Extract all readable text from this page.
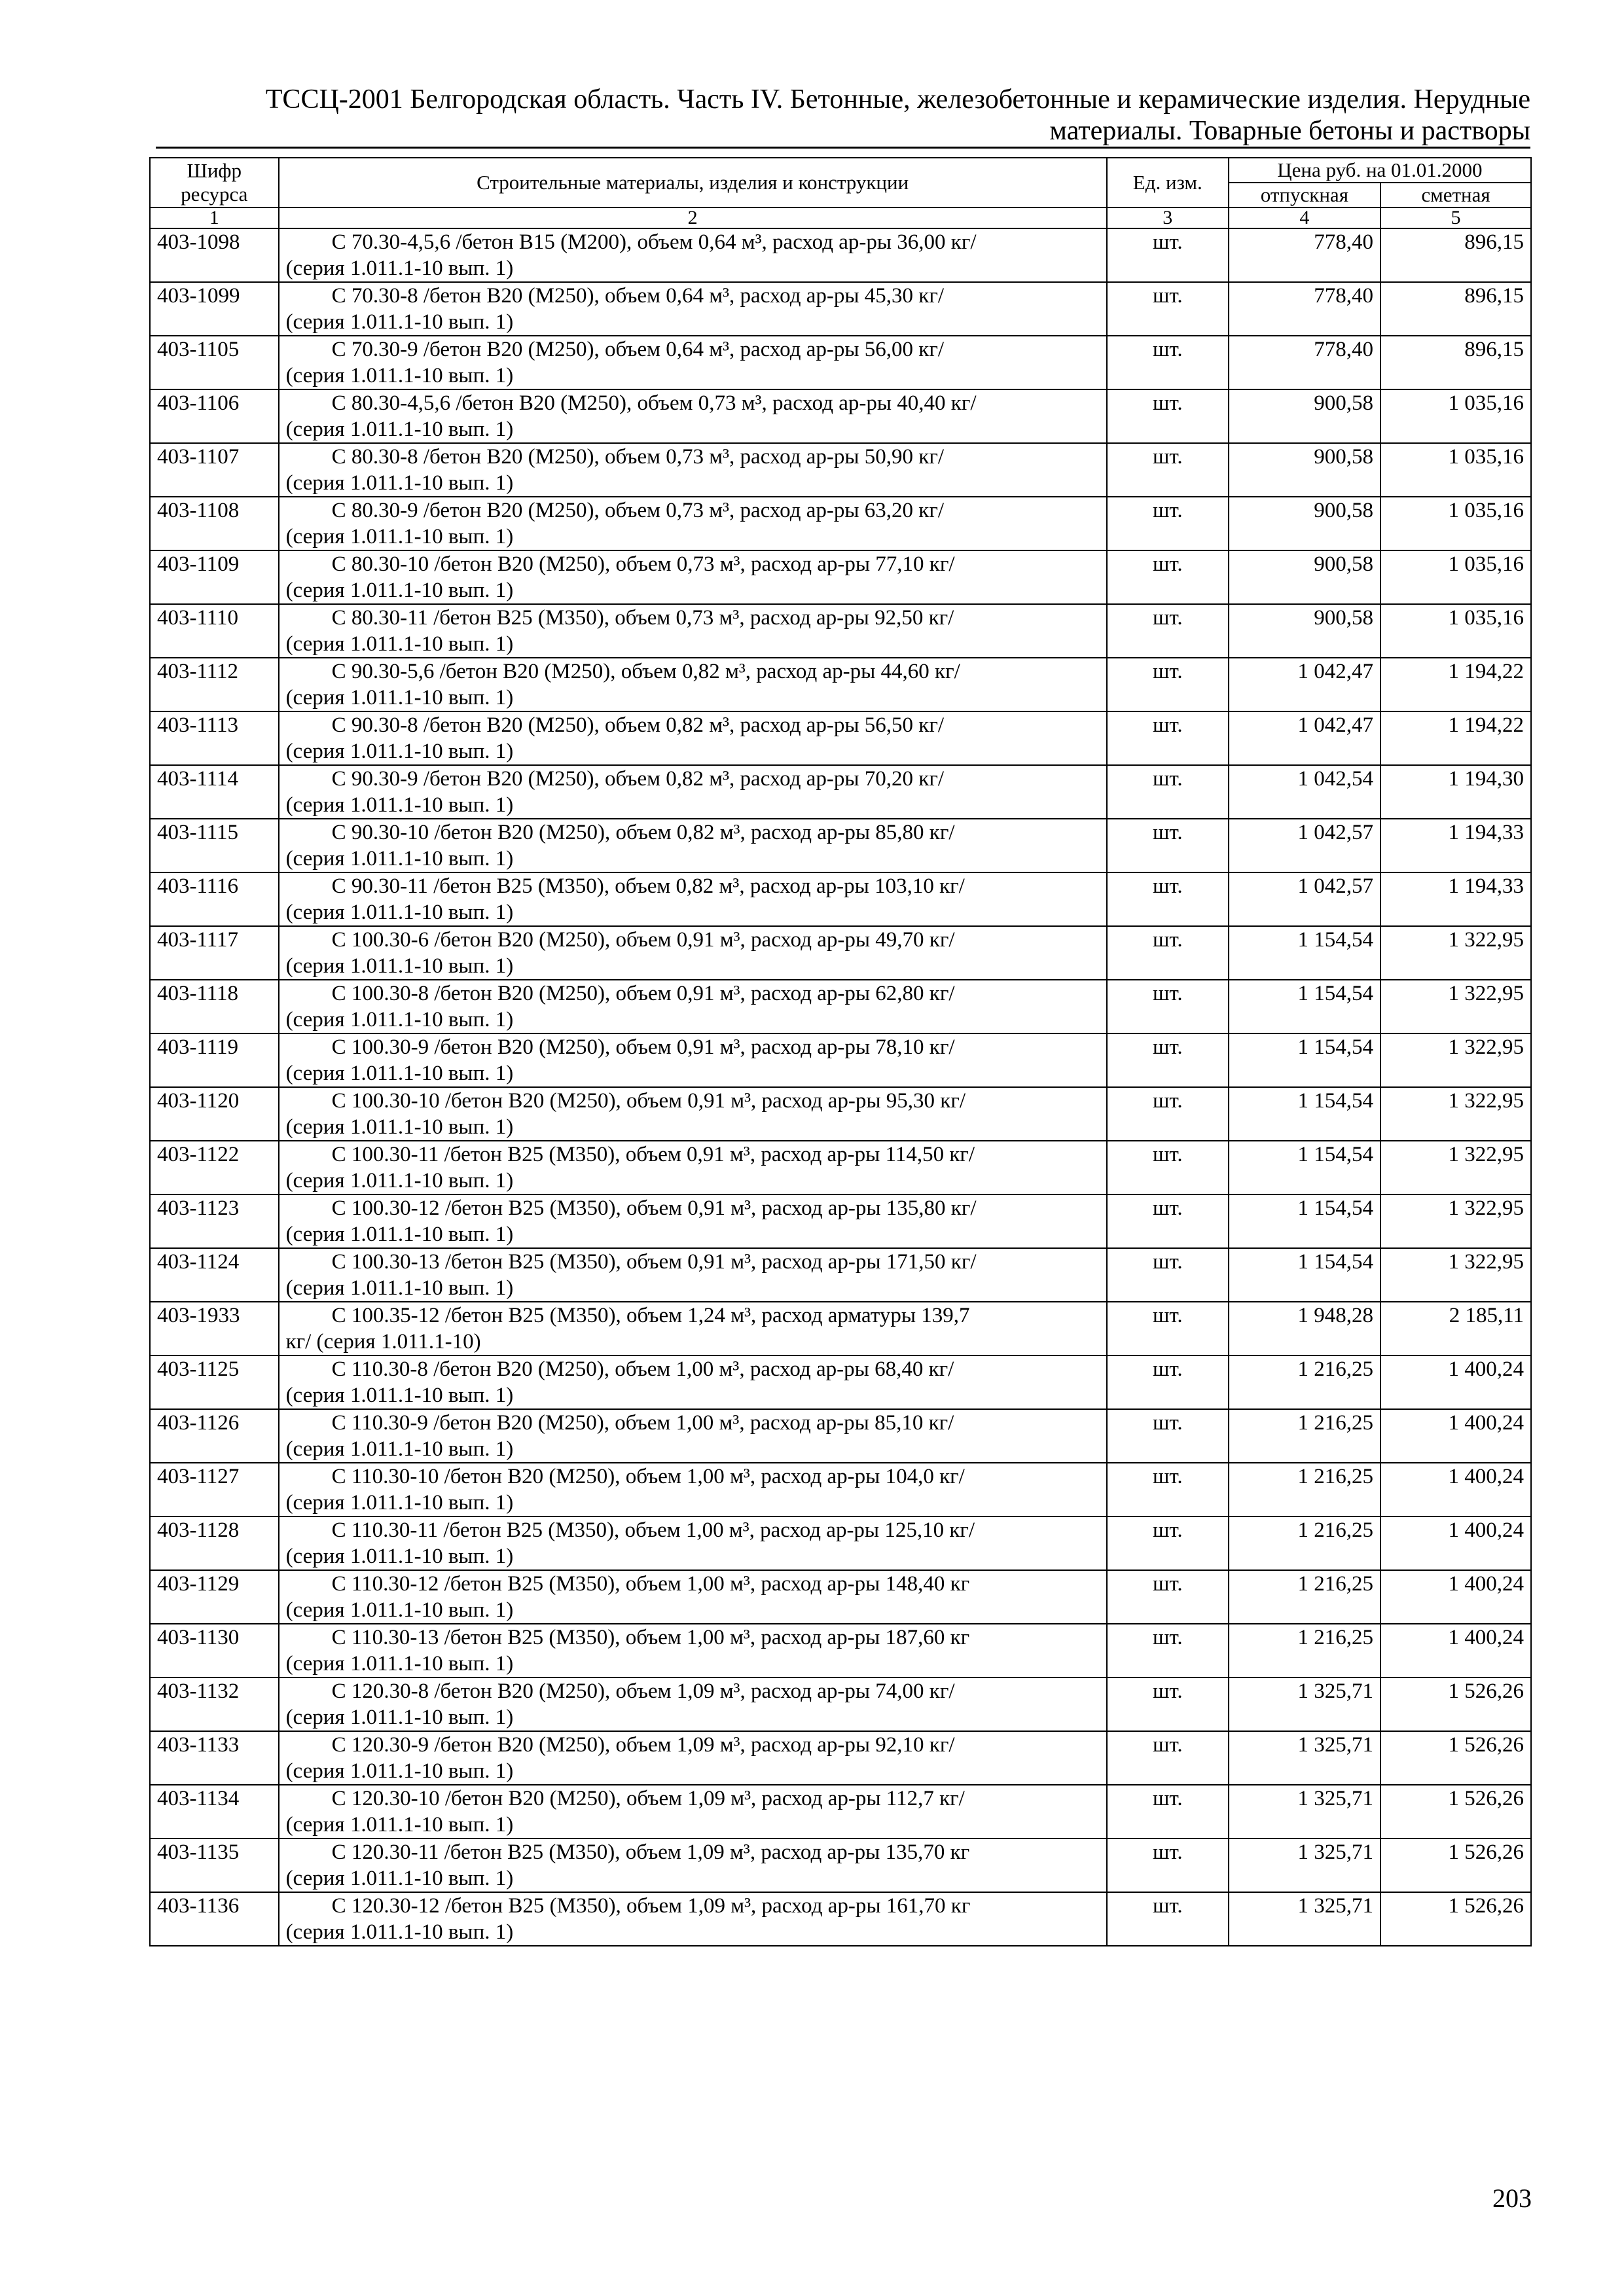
ТССЦ-2001 Белгородская область. Часть IV. Бетонные, железобетонные и керамические изделия. Нерудные
материалы. Товарные бетоны и растворы
Шифр ресурса	Строительные материалы, изделия и конструкции	Ед. изм.	Цена руб. на 01.01.2000	
			отпускная	сметная
1	2	3	4	5
403-1098	С 70.30-4,5,6 /бетон В15 (М200), объем 0,64 м³, расход ар-ры 36,00 кг/
(серия 1.011.1-10 вып. 1)	шт.	778,40	896,15
403-1099	С 70.30-8 /бетон В20 (М250), объем 0,64 м³, расход ар-ры 45,30 кг/
(серия 1.011.1-10 вып. 1)	шт.	778,40	896,15
403-1105	С 70.30-9 /бетон В20 (М250), объем 0,64 м³, расход ар-ры 56,00 кг/
(серия 1.011.1-10 вып. 1)	шт.	778,40	896,15
403-1106	С 80.30-4,5,6 /бетон В20 (М250), объем 0,73 м³, расход ар-ры 40,40 кг/
(серия 1.011.1-10 вып. 1)	шт.	900,58	1 035,16
403-1107	С 80.30-8 /бетон В20 (М250), объем 0,73 м³, расход ар-ры 50,90 кг/
(серия 1.011.1-10 вып. 1)	шт.	900,58	1 035,16
403-1108	С 80.30-9 /бетон В20 (М250), объем 0,73 м³, расход ар-ры 63,20 кг/
(серия 1.011.1-10 вып. 1)	шт.	900,58	1 035,16
403-1109	С 80.30-10 /бетон В20 (М250), объем 0,73 м³, расход ар-ры 77,10 кг/
(серия 1.011.1-10 вып. 1)	шт.	900,58	1 035,16
403-1110	С 80.30-11 /бетон В25 (М350), объем 0,73 м³, расход ар-ры 92,50 кг/
(серия 1.011.1-10 вып. 1)	шт.	900,58	1 035,16
403-1112	С 90.30-5,6 /бетон В20 (М250), объем 0,82 м³, расход ар-ры 44,60 кг/
(серия 1.011.1-10 вып. 1)	шт.	1 042,47	1 194,22
403-1113	С 90.30-8 /бетон В20 (М250), объем 0,82 м³, расход ар-ры 56,50 кг/
(серия 1.011.1-10 вып. 1)	шт.	1 042,47	1 194,22
403-1114	С 90.30-9 /бетон В20 (М250), объем 0,82 м³, расход ар-ры 70,20 кг/
(серия 1.011.1-10 вып. 1)	шт.	1 042,54	1 194,30
403-1115	С 90.30-10 /бетон В20 (М250), объем 0,82 м³, расход ар-ры 85,80 кг/
(серия 1.011.1-10 вып. 1)	шт.	1 042,57	1 194,33
403-1116	С 90.30-11 /бетон В25 (М350), объем 0,82 м³, расход ар-ры 103,10 кг/
(серия 1.011.1-10 вып. 1)	шт.	1 042,57	1 194,33
403-1117	С 100.30-6 /бетон В20 (М250), объем 0,91 м³, расход ар-ры 49,70 кг/
(серия 1.011.1-10 вып. 1)	шт.	1 154,54	1 322,95
403-1118	С 100.30-8 /бетон В20 (М250), объем 0,91 м³, расход ар-ры 62,80 кг/
(серия 1.011.1-10 вып. 1)	шт.	1 154,54	1 322,95
403-1119	С 100.30-9 /бетон В20 (М250), объем 0,91 м³, расход ар-ры 78,10 кг/
(серия 1.011.1-10 вып. 1)	шт.	1 154,54	1 322,95
403-1120	С 100.30-10 /бетон В20 (М250), объем 0,91 м³, расход ар-ры 95,30 кг/
(серия 1.011.1-10 вып. 1)	шт.	1 154,54	1 322,95
403-1122	С 100.30-11 /бетон В25 (М350), объем 0,91 м³, расход ар-ры 114,50 кг/
(серия 1.011.1-10 вып. 1)	шт.	1 154,54	1 322,95
403-1123	С 100.30-12 /бетон В25 (М350), объем 0,91 м³, расход ар-ры 135,80 кг/
(серия 1.011.1-10 вып. 1)	шт.	1 154,54	1 322,95
403-1124	С 100.30-13 /бетон В25 (М350), объем 0,91 м³, расход ар-ры 171,50 кг/
(серия 1.011.1-10 вып. 1)	шт.	1 154,54	1 322,95
403-1933	С 100.35-12 /бетон В25 (М350), объем 1,24 м³, расход арматуры 139,7
кг/ (серия 1.011.1-10)	шт.	1 948,28	2 185,11
403-1125	С 110.30-8 /бетон В20 (М250), объем 1,00 м³, расход ар-ры 68,40 кг/
(серия 1.011.1-10 вып. 1)	шт.	1 216,25	1 400,24
403-1126	С 110.30-9 /бетон В20 (М250), объем 1,00 м³, расход ар-ры 85,10 кг/
(серия 1.011.1-10 вып. 1)	шт.	1 216,25	1 400,24
403-1127	С 110.30-10 /бетон В20 (М250), объем 1,00 м³, расход ар-ры 104,0 кг/
(серия 1.011.1-10 вып. 1)	шт.	1 216,25	1 400,24
403-1128	С 110.30-11 /бетон В25 (М350), объем 1,00 м³, расход ар-ры 125,10 кг/
(серия 1.011.1-10 вып. 1)	шт.	1 216,25	1 400,24
403-1129	С 110.30-12 /бетон В25 (М350), объем 1,00 м³, расход ар-ры 148,40 кг
(серия 1.011.1-10 вып. 1)	шт.	1 216,25	1 400,24
403-1130	С 110.30-13 /бетон В25 (М350), объем 1,00 м³, расход ар-ры 187,60 кг
(серия 1.011.1-10 вып. 1)	шт.	1 216,25	1 400,24
403-1132	С 120.30-8 /бетон В20 (М250), объем 1,09 м³, расход ар-ры 74,00 кг/
(серия 1.011.1-10 вып. 1)	шт.	1 325,71	1 526,26
403-1133	С 120.30-9 /бетон В20 (М250), объем 1,09 м³, расход ар-ры 92,10 кг/
(серия 1.011.1-10 вып. 1)	шт.	1 325,71	1 526,26
403-1134	С 120.30-10 /бетон В20 (М250), объем 1,09 м³, расход ар-ры 112,7 кг/
(серия 1.011.1-10 вып. 1)	шт.	1 325,71	1 526,26
403-1135	С 120.30-11 /бетон В25 (М350), объем 1,09 м³, расход ар-ры 135,70 кг
(серия 1.011.1-10 вып. 1)	шт.	1 325,71	1 526,26
403-1136	С 120.30-12 /бетон В25 (М350), объем 1,09 м³, расход ар-ры 161,70 кг
(серия 1.011.1-10 вып. 1)	шт.	1 325,71	1 526,26
203
